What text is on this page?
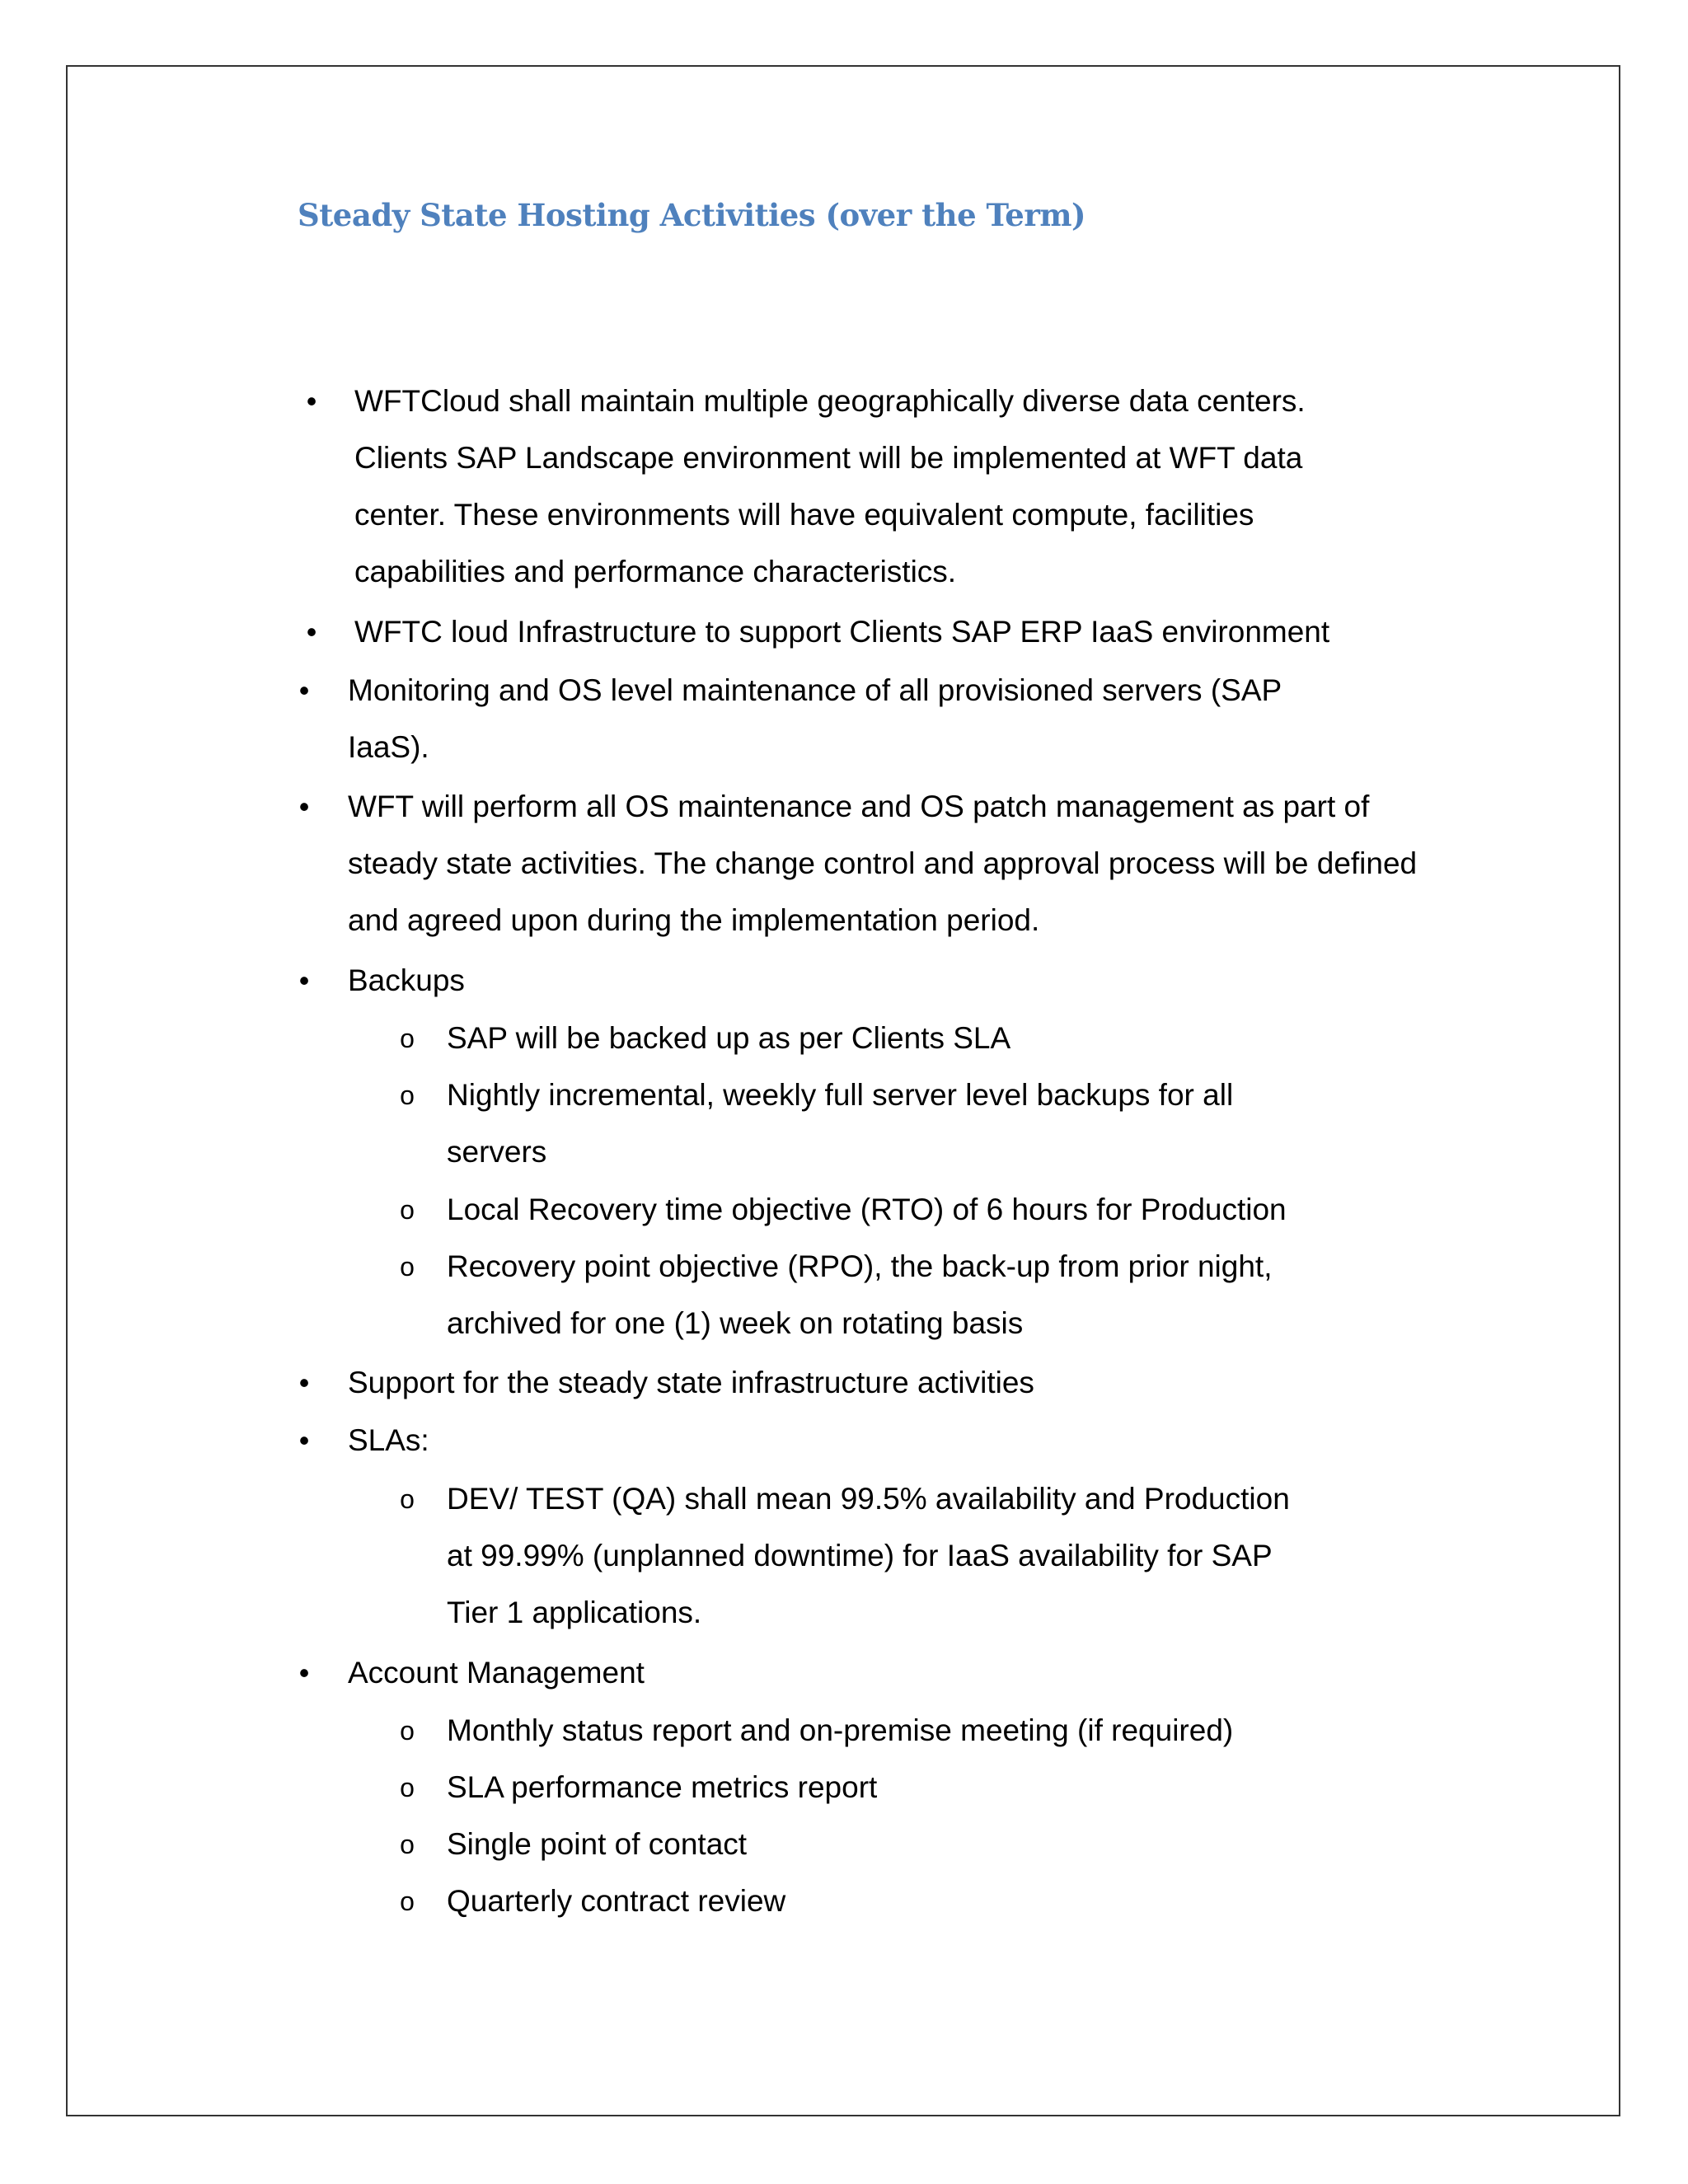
Steady State Hosting Activities (over the Term)
• WFTCloud shall maintain multiple geographically diverse data centers.
Clients SAP Landscape environment will be implemented at WFT data
center. These environments will have equivalent compute, facilities
capabilities and performance characteristics.
• WFTC loud Infrastructure to support Clients SAP ERP IaaS environment
• Monitoring and OS level maintenance of all provisioned servers (SAP
IaaS).
• WFT will perform all OS maintenance and OS patch management as part of
steady state activities. The change control and approval process will be defined
and agreed upon during the implementation period.
• Backups
o SAP will be backed up as per Clients SLA
o Nightly incremental, weekly full server level backups for all
servers
o Local Recovery time objective (RTO) of 6 hours for Production
o Recovery point objective (RPO), the back-up from prior night,
archived for one (1) week on rotating basis
• Support for the steady state infrastructure activities
• SLAs:
o DEV/ TEST (QA) shall mean 99.5% availability and Production
at 99.99% (unplanned downtime) for IaaS availability for SAP
Tier 1 applications.
• Account Management
o Monthly status report and on-premise meeting (if required)
o SLA performance metrics report
o Single point of contact
o Quarterly contract review
